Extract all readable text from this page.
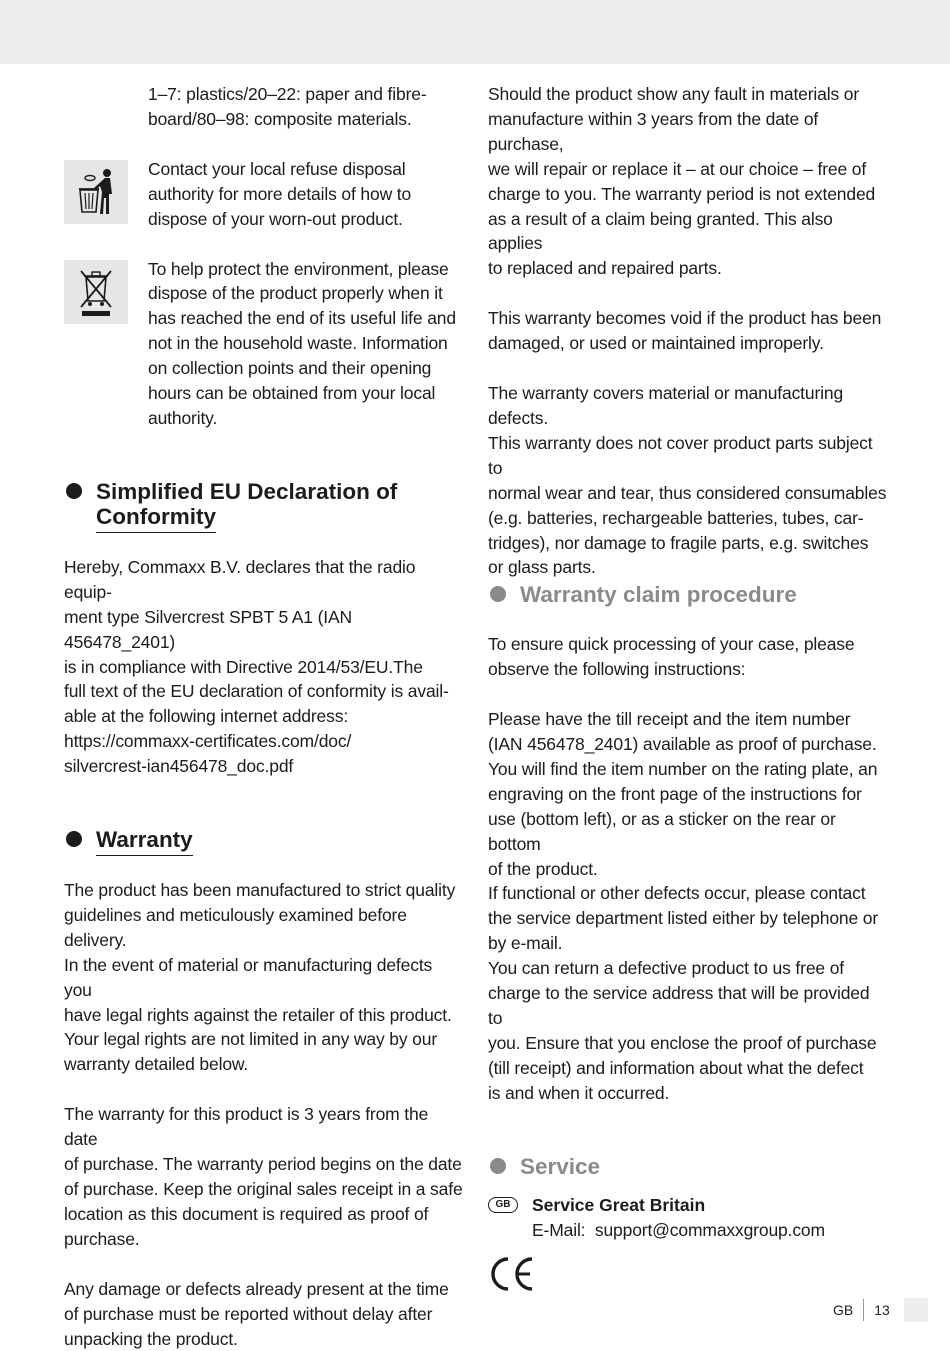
1–7: plastics/20–22: paper and fibre-
board/80–98: composite materials.

Contact your local refuse disposal
authority for more details of how to
dispose of your worn-out product.

To help protect the environment, please
dispose of the product properly when it
has reached the end of its useful life and
not in the household waste. Information
on collection points and their opening
hours can be obtained from your local
authority.

Simplified EU Declaration of
Conformity

Hereby, Commaxx B.V. declares that the radio equip-
ment type Silvercrest SPBT 5 A1 (IAN 456478_2401)
is in compliance with Directive 2014/53/EU.The
full text of the EU declaration of conformity is avail-
able at the following internet address:
https://commaxx-certificates.com/doc/
silvercrest-ian456478_doc.pdf

Warranty

The product has been manufactured to strict quality
guidelines and meticulously examined before delivery.
In the event of material or manufacturing defects you
have legal rights against the retailer of this product.
Your legal rights are not limited in any way by our
warranty detailed below.

The warranty for this product is 3 years from the date
of purchase. The warranty period begins on the date
of purchase. Keep the original sales receipt in a safe
location as this document is required as proof of
purchase.

Any damage or defects already present at the time
of purchase must be reported without delay after
unpacking the product.

Should the product show any fault in materials or
manufacture within 3 years from the date of purchase,
we will repair or replace it – at our choice – free of
charge to you. The warranty period is not extended
as a result of a claim being granted. This also applies
to replaced and repaired parts.

This warranty becomes void if the product has been
damaged, or used or maintained improperly.

The warranty covers material or manufacturing defects.
This warranty does not cover product parts subject to
normal wear and tear, thus considered consumables
(e.g. batteries, rechargeable batteries, tubes, car-
tridges), nor damage to fragile parts, e.g. switches
or glass parts.

Warranty claim procedure

To ensure quick processing of your case, please
observe the following instructions:

Please have the till receipt and the item number
(IAN 456478_2401) available as proof of purchase.
You will find the item number on the rating plate, an
engraving on the front page of the instructions for
use (bottom left), or as a sticker on the rear or bottom
of the product.
If functional or other defects occur, please contact
the service department listed either by telephone or
by e-mail.
You can return a defective product to us free of
charge to the service address that will be provided to
you. Ensure that you enclose the proof of purchase
(till receipt) and information about what the defect
is and when it occurred.

Service
GB	Service Great Britain

E-Mail: support@commaxxgroup.com

GB 13
